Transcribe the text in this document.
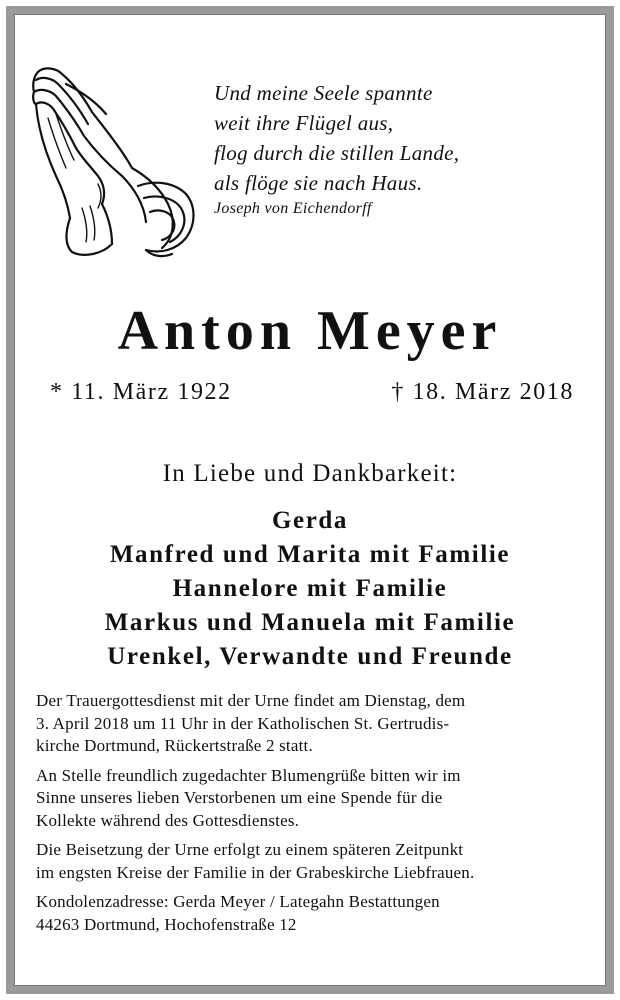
Und meine Seele spannte
weit ihre Flügel aus,
flog durch die stillen Lande,
als flöge sie nach Haus.
Joseph von Eichendorff
Anton Meyer
* 11. März 1922	† 18. März 2018
In Liebe und Dankbarkeit:
Gerda
Manfred und Marita mit Familie
Hannelore mit Familie
Markus und Manuela mit Familie
Urenkel, Verwandte und Freunde

Der Trauergottesdienst mit der Urne findet am Dienstag, dem
3. April 2018 um 11 Uhr in der Katholischen St. Gertrudis-
kirche Dortmund, Rückertstraße 2 statt.

An Stelle freundlich zugedachter Blumengrüße bitten wir im
Sinne unseres lieben Verstorbenen um eine Spende für die
Kollekte während des Gottesdienstes.

Die Beisetzung der Urne erfolgt zu einem späteren Zeitpunkt
im engsten Kreise der Familie in der Grabeskirche Liebfrauen.

Kondolenzadresse: Gerda Meyer / Lategahn Bestattungen
44263 Dortmund, Hochofenstraße 12
